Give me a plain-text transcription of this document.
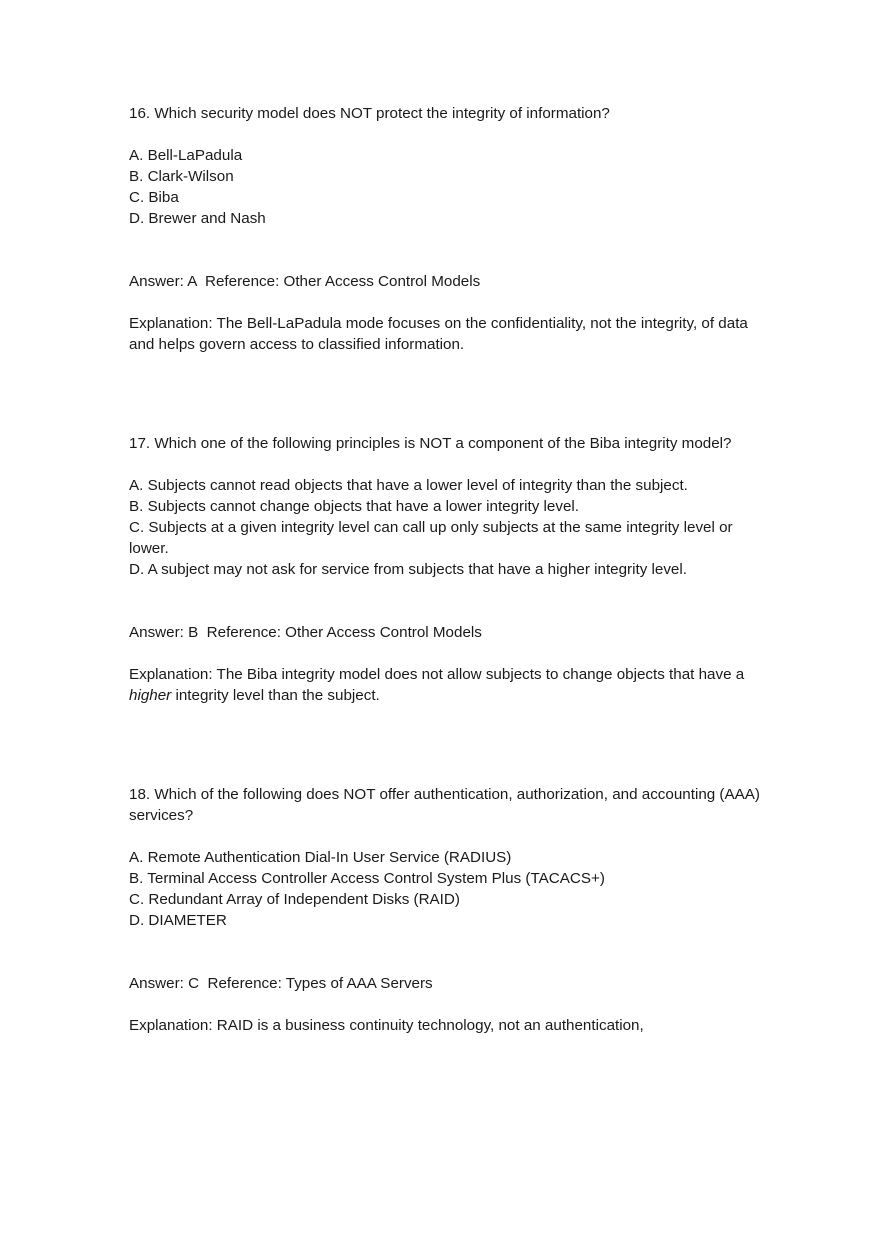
16. Which security model does NOT protect the integrity of information?

A. Bell-LaPadula
B. Clark-Wilson
C. Biba
D. Brewer and Nash
Answer: A Reference: Other Access Control Models

Explanation: The Bell-LaPadula mode focuses on the confidentiality, not the integrity, of data and helps govern access to classified information.

17. Which one of the following principles is NOT a component of the Biba integrity model?

A. Subjects cannot read objects that have a lower level of integrity than the subject.
B. Subjects cannot change objects that have a lower integrity level.
C. Subjects at a given integrity level can call up only subjects at the same integrity level or lower.
D. A subject may not ask for service from subjects that have a higher integrity level.
Answer: B Reference: Other Access Control Models

Explanation: The Biba integrity model does not allow subjects to change objects that have a higher integrity level than the subject.

18. Which of the following does NOT offer authentication, authorization, and accounting (AAA) services?

A. Remote Authentication Dial-In User Service (RADIUS)
B. Terminal Access Controller Access Control System Plus (TACACS+)
C. Redundant Array of Independent Disks (RAID)
D. DIAMETER
Answer: C Reference: Types of AAA Servers

Explanation: RAID is a business continuity technology, not an authentication,
